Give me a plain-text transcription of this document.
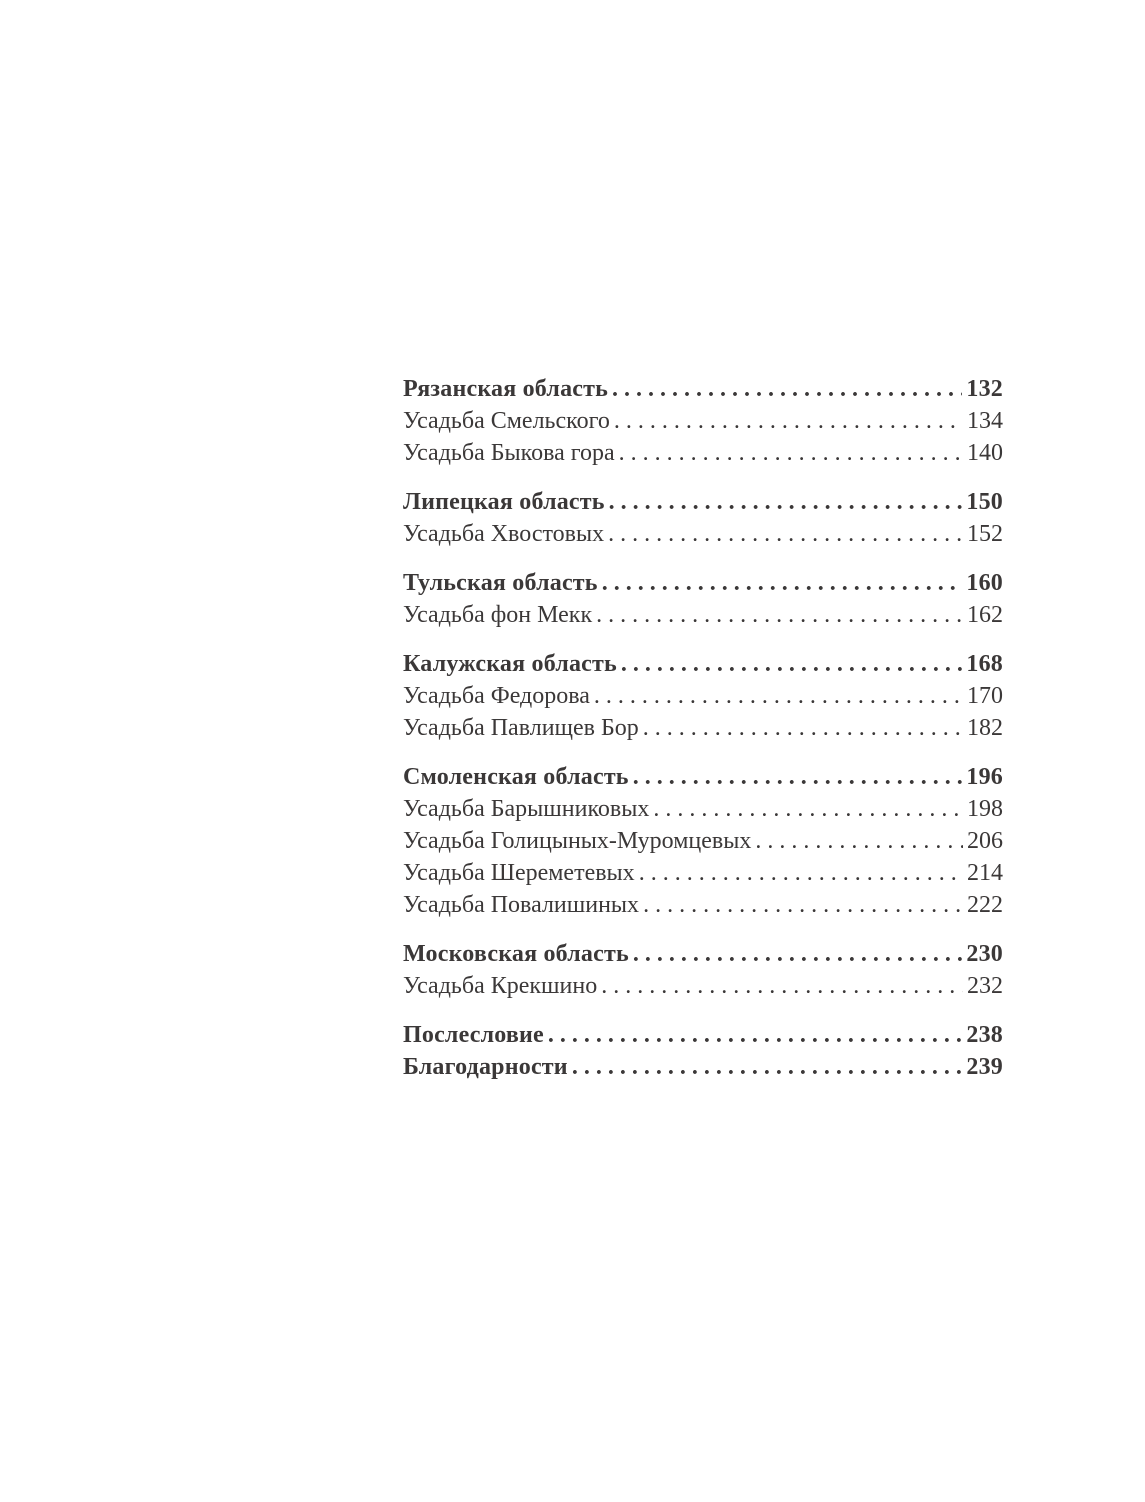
Рязанская область . . .	132
Усадьба Смельского . . .	134
Усадьба Быкова гора . . .	140
Липецкая область . . .	150
Усадьба Хвостовых . . .	152
Тульская область . . .	160
Усадьба фон Мекк . . .	162
Калужская область . . .	168
Усадьба Федорова . . .	170
Усадьба Павлищев Бор . . .	182
Смоленская область . . .	196
Усадьба Барышниковых . . .	198
Усадьба Голицыных-Муромцевых . . .	206
Усадьба Шереметевых . . .	214
Усадьба Повалишиных . . .	222
Московская область . . .	230
Усадьба Крекшино . . .	232
Послесловие . . .	238
Благодарности . . .	239
